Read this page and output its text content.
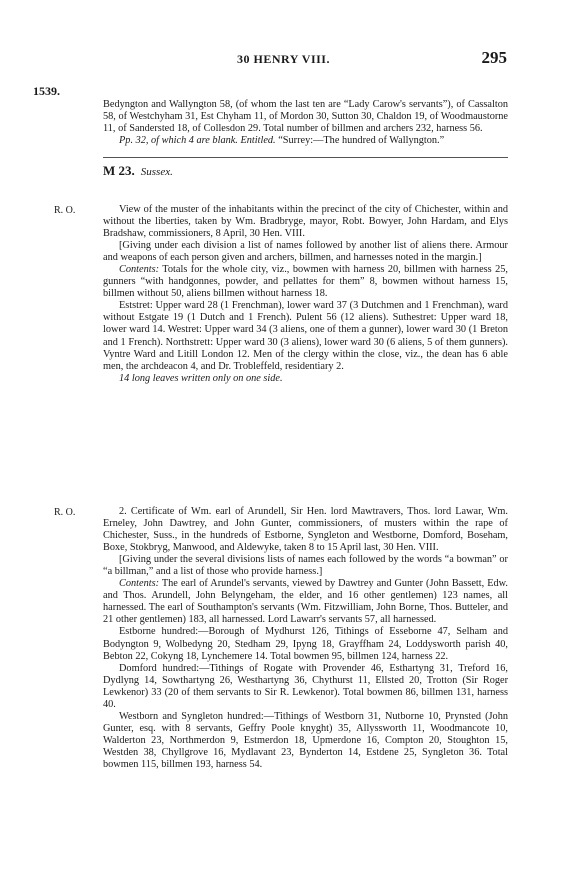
30 HENRY VIII.	295
1539.

Bedyngton and Wallyngton 58, (of whom the last ten are “Lady Carow's servants”), of Cassalton 58, of Westchyham 31, Est Chyham 11, of Mordon 30, Sutton 30, Chaldon 19, of Woodmaustorne 11, of Sandersted 18, of Collesdon 29. Total number of billmen and archers 232, harness 56.

Pp. 32, of which 4 are blank. Entitled. “Surrey:—The hundred of Wallyngton.”

M 23. Sussex.
R. O.	View of the muster of the inhabitants within the precinct of the city of Chichester, within and without the liberties, taken by Wm. Bradbryge, mayor, Robt. Bowyer, John Hardam, and Elys Bradshaw, commissioners, 8 April, 30 Hen. VIII.

[Giving under each division a list of names followed by another list of aliens there. Armour and weapons of each person given and archers, billmen, and harnesses noted in the margin.]

Contents: Totals for the whole city, viz., bowmen with harness 20, billmen with harness 25, gunners “with handgonnes, powder, and pellattes for them” 8, bowmen without harness 15, billmen without 50, aliens billmen without harness 18.

Eststret: Upper ward 28 (1 Frenchman), lower ward 37 (3 Dutchmen and 1 Frenchman), ward without Estgate 19 (1 Dutch and 1 French). Pulent 56 (12 aliens). Suthestret: Upper ward 18, lower ward 14. Westret: Upper ward 34 (3 aliens, one of them a gunner), lower ward 30 (1 Breton and 1 French). Northstrett: Upper ward 30 (3 aliens), lower ward 30 (6 aliens, 5 of them gunners). Vyntre Ward and Litill London 12. Men of the clergy within the close, viz., the dean has 6 able men, the archdeacon 4, and Dr. Trobleffeld, residentiary 2.

14 long leaves written only on one side.

R. O.	2. Certificate of Wm. earl of Arundell, Sir Hen. lord Mawtravers, Thos. lord Lawar, Wm. Erneley, John Dawtrey, and John Gunter, commissioners, of musters within the rape of Chichester, Suss., in the hundreds of Estborne, Syngleton and Westborne, Domford, Boseham, Boxe, Stokbryg, Manwood, and Aldewyke, taken 8 to 15 April last, 30 Hen. VIII.

[Giving under the several divisions lists of names each followed by the words “a bowman” or “a billman,” and a list of those who provide harness.]

Contents: The earl of Arundel's servants, viewed by Dawtrey and Gunter (John Bassett, Edw. and Thos. Arundell, John Belyngeham, the elder, and 16 other gentlemen) 123 names, all harnessed. The earl of Southampton's servants (Wm. Fitzwilliam, John Borne, Thos. Butteler, and 21 other gentlemen) 183, all harnessed. Lord Lawarr's servants 57, all harnessed.

Estborne hundred:—Borough of Mydhurst 126, Tithings of Esseborne 47, Selham and Bodyngton 9, Wolbedyng 20, Stedham 29, Ipyng 18, Grayffham 24, Loddysworth parish 40, Bebton 22, Cokyng 18, Lynchemere 14. Total bowmen 95, billmen 124, harness 22.

Domford hundred:—Tithings of Rogate with Provender 46, Esthartyng 31, Treford 16, Dydlyng 14, Sowthartyng 26, Westhartyng 36, Chythurst 11, Ellsted 20, Trotton (Sir Roger Lewkenor) 33 (20 of them servants to Sir R. Lewkenor). Total bowmen 86, billmen 131, harness 40.

Westborn and Syngleton hundred:—Tithings of Westborn 31, Nutborne 10, Prynsted (John Gunter, esq. with 8 servants, Geffry Poole knyght) 35, Allyssworth 11, Woodmancote 10, Walderton 23, Northmerdon 9, Estmerdon 18, Upmerdone 16, Compton 20, Stoughton 15, Westden 38, Chyllgrove 16, Mydlavant 23, Bynderton 14, Estdene 25, Syngleton 36. Total bowmen 115, billmen 193, harness 54.
